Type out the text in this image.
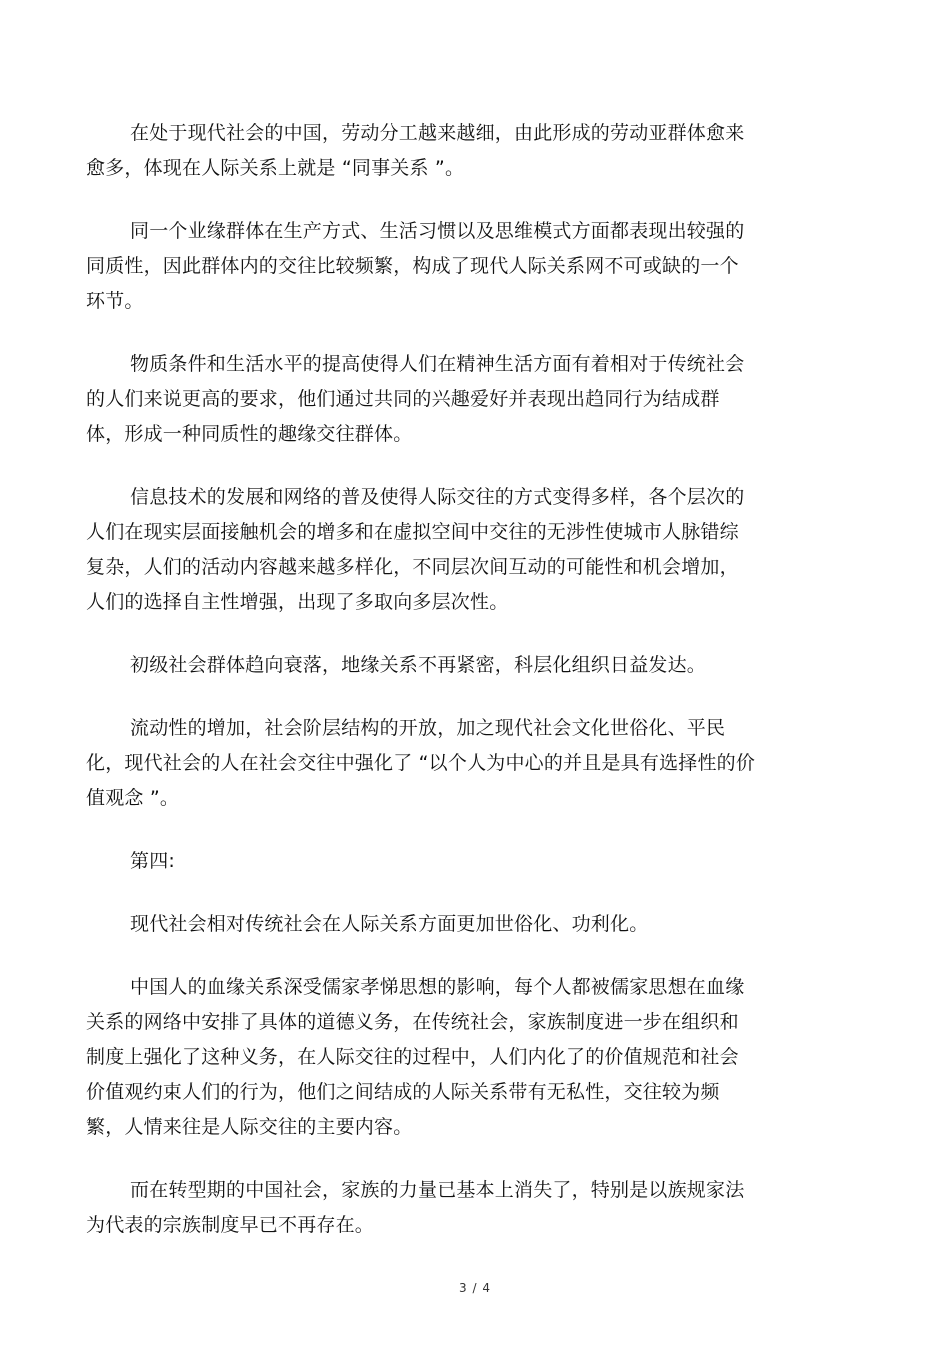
在处于现代社会的中国，劳动分工越来越细，由此形成的劳动亚群体愈来
愈多，体现在人际关系上就是 “同事关系 ”。

同一个业缘群体在生产方式、生活习惯以及思维模式方面都表现出较强的
同质性，因此群体内的交往比较频繁，构成了现代人际关系网不可或缺的一个
环节。

物质条件和生活水平的提高使得人们在精神生活方面有着相对于传统社会
的人们来说更高的要求，他们通过共同的兴趣爱好并表现出趋同行为结成群
体，形成一种同质性的趣缘交往群体。

信息技术的发展和网络的普及使得人际交往的方式变得多样，各个层次的
人们在现实层面接触机会的增多和在虚拟空间中交往的无涉性使城市人脉错综
复杂，人们的活动内容越来越多样化，不同层次间互动的可能性和机会增加，
人们的选择自主性增强，出现了多取向多层次性。

初级社会群体趋向衰落，地缘关系不再紧密，科层化组织日益发达。

流动性的增加，社会阶层结构的开放，加之现代社会文化世俗化、平民
化，现代社会的人在社会交往中强化了 “以个人为中心的并且是具有选择性的价
值观念 ”。

第四:

现代社会相对传统社会在人际关系方面更加世俗化、功利化。

中国人的血缘关系深受儒家孝悌思想的影响，每个人都被儒家思想在血缘
关系的网络中安排了具体的道德义务，在传统社会，家族制度进一步在组织和
制度上强化了这种义务，在人际交往的过程中，人们内化了的价值规范和社会
价值观约束人们的行为，他们之间结成的人际关系带有无私性，交往较为频
繁，人情来往是人际交往的主要内容。

而在转型期的中国社会，家族的力量已基本上消失了，特别是以族规家法
为代表的宗族制度早已不再存在。

3 / 4
